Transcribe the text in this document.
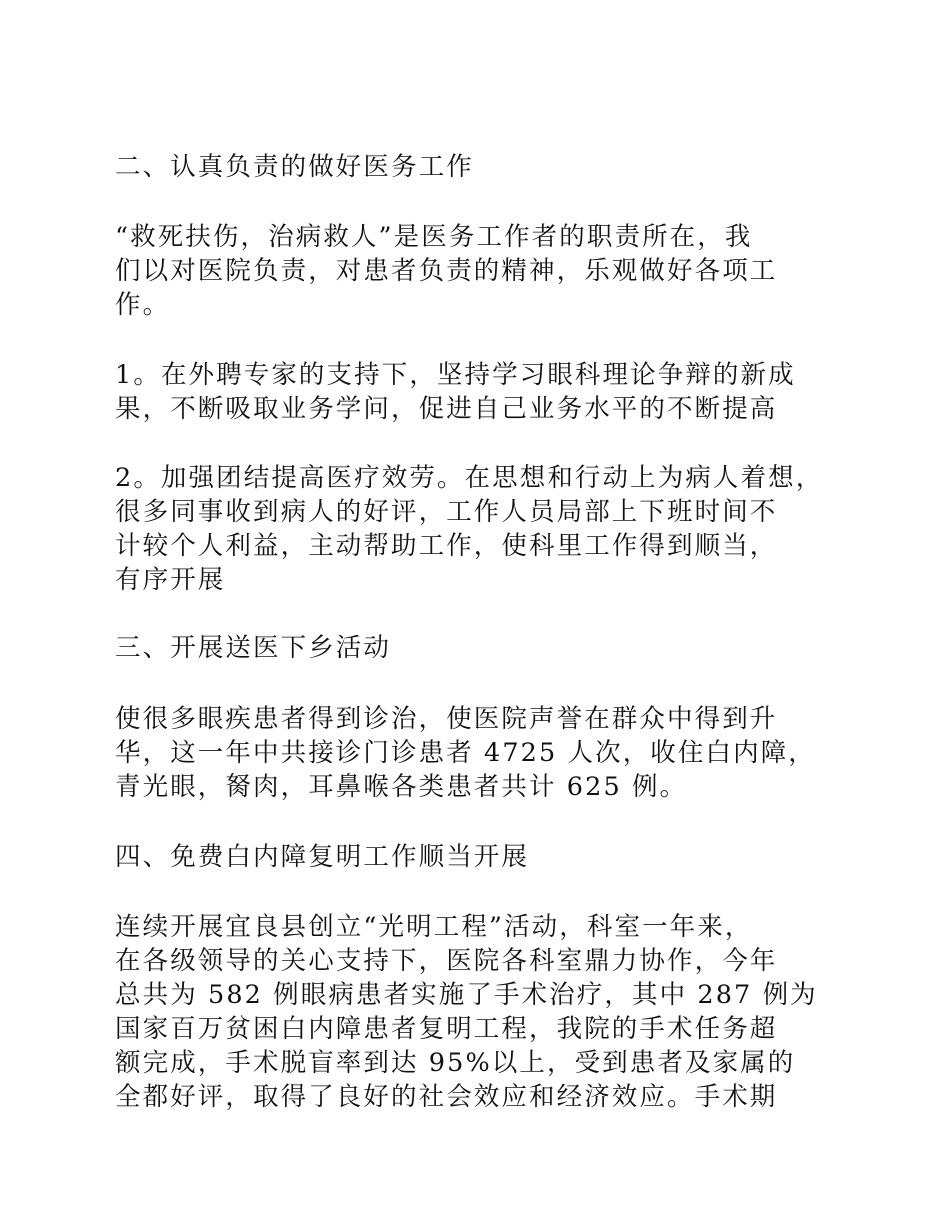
二、认真负责的做好医务工作
“救死扶伤，治病救人”是医务工作者的职责所在，我
们以对医院负责，对患者负责的精神，乐观做好各项工
作。
1。在外聘专家的支持下，坚持学习眼科理论争辩的新成
果，不断吸取业务学问，促进自己业务水平的不断提高
2。加强团结提高医疗效劳。在思想和行动上为病人着想，
很多同事收到病人的好评，工作人员局部上下班时间不
计较个人利益，主动帮助工作，使科里工作得到顺当，
有序开展
三、开展送医下乡活动
使很多眼疾患者得到诊治，使医院声誉在群众中得到升
华，这一年中共接诊门诊患者 4725 人次，收住白内障，
青光眼，胬肉，耳鼻喉各类患者共计 625 例。
四、免费白内障复明工作顺当开展
连续开展宜良县创立“光明工程”活动，科室一年来，
在各级领导的关心支持下，医院各科室鼎力协作，今年
总共为 582 例眼病患者实施了手术治疗，其中 287 例为
国家百万贫困白内障患者复明工程，我院的手术任务超
额完成，手术脱盲率到达 95%以上，受到患者及家属的
全都好评，取得了良好的社会效应和经济效应。手术期
